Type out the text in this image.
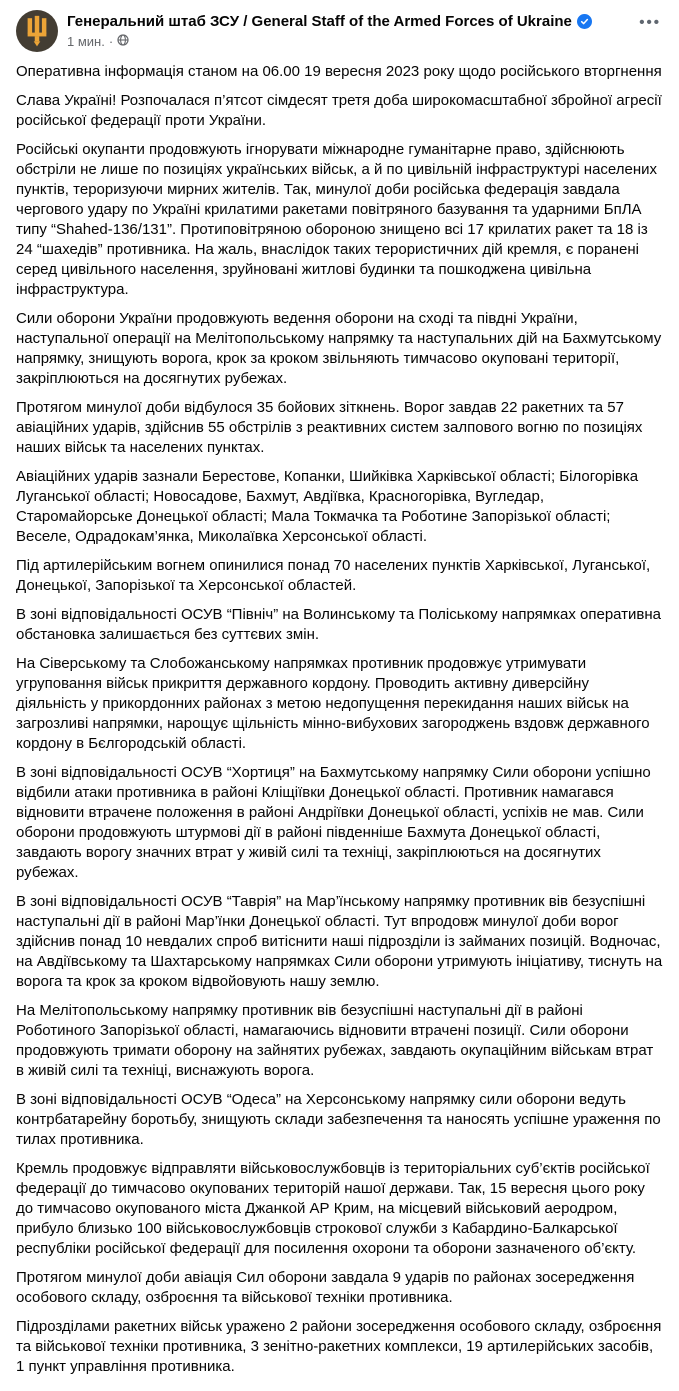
Генеральний штаб ЗСУ / General Staff of the Armed Forces of Ukraine
1 мин. ·
•••

Оперативна інформація станом на 06.00 19 вересня 2023 року щодо російського вторгнення

Слава Україні! Розпочалася п’ятсот сімдесят третя доба широкомасштабної збройної агресії російської федерації проти України.

Російські окупанти продовжують ігнорувати міжнародне гуманітарне право, здійснюють обстріли не лише по позиціях українських військ, а й по цивільній інфраструктурі населених пунктів, тероризуючи мирних жителів. Так, минулої доби російська федерація завдала чергового удару по Україні крилатими ракетами повітряного базування та ударними БпЛА типу “Shahed-136/131”. Протиповітряною обороною знищено всі 17 крилатих ракет та 18 із 24 “шахедів” противника. На жаль, внаслідок таких терористичних дій кремля, є поранені серед цивільного населення, зруйновані житлові будинки та пошкоджена цивільна інфраструктура.

Сили оборони України продовжують ведення оборони на сході та півдні України, наступальної операції на Мелітопольському напрямку та наступальних дій на Бахмутському напрямку, знищують ворога, крок за кроком звільняють тимчасово окуповані території, закріплюються на досягнутих рубежах.

Протягом минулої доби відбулося 35 бойових зіткнень. Ворог завдав 22 ракетних та 57 авіаційних ударів, здійснив 55 обстрілів з реактивних систем залпового вогню по позиціях наших військ та населених пунктах.

Авіаційних ударів зазнали Берестове, Копанки, Шийківка Харківської області; Білогорівка Луганської області; Новосадове, Бахмут, Авдіївка, Красногорівка, Вугледар, Старомайорське Донецької області; Мала Токмачка та Роботине Запорізької області; Веселе, Одрадокам’янка, Миколаївка Херсонської області.

Під артилерійським вогнем опинилися понад 70 населених пунктів Харківської, Луганської, Донецької, Запорізької та Херсонської областей.

В зоні відповідальності ОСУВ “Північ” на Волинському та Поліському напрямках оперативна обстановка залишається без суттєвих змін.

На Сіверському та Слобожанському напрямках противник продовжує утримувати угруповання військ прикриття державного кордону. Проводить активну диверсійну діяльність у прикордонних районах з метою недопущення перекидання наших військ на загрозливі напрямки, нарощує щільність мінно-вибухових загороджень вздовж державного кордону в Бєлгородській області.

В зоні відповідальності ОСУВ “Хортиця” на Бахмутському напрямку Сили оборони успішно відбили атаки противника в районі Кліщіївки Донецької області. Противник намагався відновити втрачене положення в районі Андріївки Донецької області, успіхів не мав. Сили оборони продовжують штурмові дії в районі південніше Бахмута Донецької області, завдають ворогу значних втрат у живій силі та техніці, закріплюються на досягнутих рубежах.

В зоні відповідальності ОСУВ “Таврія” на Мар’їнському напрямку противник вів безуспішні наступальні дії в районі Мар’їнки Донецької області. Тут впродовж минулої доби ворог здійснив понад 10 невдалих спроб витіснити наші підрозділи із займаних позицій. Водночас, на Авдіївському та Шахтарському напрямках Сили оборони утримують ініціативу, тиснуть на ворога та крок за кроком відвойовують нашу землю.

На Мелітопольському напрямку противник вів безуспішні наступальні дії в районі Роботиного Запорізької області, намагаючись відновити втрачені позиції. Сили оборони продовжують тримати оборону на зайнятих рубежах, завдають окупаційним військам втрат в живій силі та техніці, виснажують ворога.

В зоні відповідальності ОСУВ “Одеса” на Херсонському напрямку сили оборони ведуть контрбатарейну боротьбу, знищують склади забезпечення та наносять успішне ураження по тилах противника.

Кремль продовжує відправляти військовослужбовців із територіальних суб’єктів російської федерації до тимчасово окупованих територій нашої держави. Так, 15 вересня цього року до тимчасово окупованого міста Джанкой АР Крим, на місцевий військовий аеродром, прибуло близько 100 військовослужбовців строкової служби з Кабардино-Балкарської республіки російської федерації для посилення охорони та оборони зазначеного об’єкту.

Протягом минулої доби авіація Сил оборони завдала 9 ударів по районах зосередження особового складу, озброєння та військової техніки противника.

Підрозділами ракетних військ уражено 2 райони зосередження особового складу, озброєння та військової техніки противника, 3 зенітно-ракетних комплекси, 19 артилерійських засобів, 1 пункт управління противника.
